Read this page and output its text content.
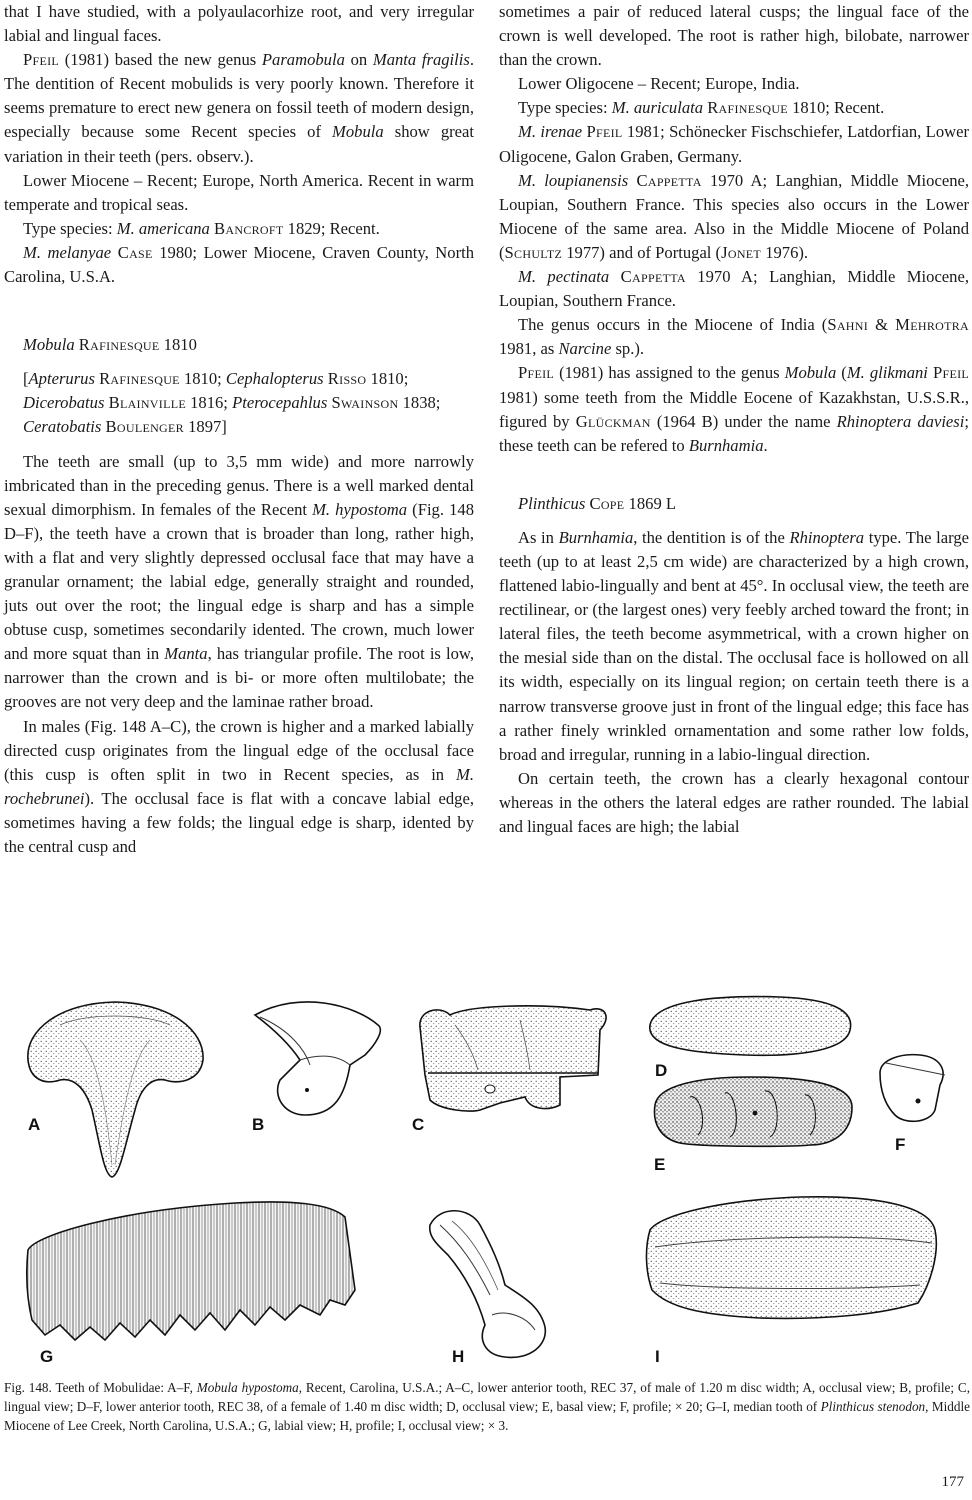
that I have studied, with a polyaulacorhize root, and very irregular labial and lingual faces.

Pfeil (1981) based the new genus Paramobula on Manta fragilis. The dentition of Recent mobulids is very poorly known. Therefore it seems premature to erect new genera on fossil teeth of modern design, especially because some Recent species of Mobula show great variation in their teeth (pers. observ.).

Lower Miocene – Recent; Europe, North America. Recent in warm temperate and tropical seas.

Type species: M. americana Bancroft 1829; Recent.

M. melanyae Case 1980; Lower Miocene, Craven County, North Carolina, U.S.A.

Mobula Rafinesque 1810

[Apterurus Rafinesque 1810; Cephalopterus Risso 1810; Dicerobatus Blainville 1816; Pterocepahlus Swainson 1838; Ceratobatis Boulenger 1897]

The teeth are small (up to 3,5 mm wide) and more narrowly imbricated than in the preceding genus. There is a well marked dental sexual dimorphism. In females of the Recent M. hypostoma (Fig. 148 D–F), the teeth have a crown that is broader than long, rather high, with a flat and very slightly depressed occlusal face that may have a granular ornament; the labial edge, generally straight and rounded, juts out over the root; the lingual edge is sharp and has a simple obtuse cusp, sometimes secondarily idented. The crown, much lower and more squat than in Manta, has triangular profile. The root is low, narrower than the crown and is bi- or more often multilobate; the grooves are not very deep and the laminae rather broad.

In males (Fig. 148 A–C), the crown is higher and a marked labially directed cusp originates from the lingual edge of the occlusal face (this cusp is often split in two in Recent species, as in M. rochebrunei). The occlusal face is flat with a concave labial edge, sometimes having a few folds; the lingual edge is sharp, idented by the central cusp and

sometimes a pair of reduced lateral cusps; the lingual face of the crown is well developed. The root is rather high, bilobate, narrower than the crown.

Lower Oligocene – Recent; Europe, India.

Type species: M. auriculata Rafinesque 1810; Recent.

M. irenae Pfeil 1981; Schönecker Fischschiefer, Latdorfian, Lower Oligocene, Galon Graben, Germany.

M. loupianensis Cappetta 1970 A; Langhian, Middle Miocene, Loupian, Southern France. This species also occurs in the Lower Miocene of the same area. Also in the Middle Miocene of Poland (Schultz 1977) and of Portugal (Jonet 1976).

M. pectinata Cappetta 1970 A; Langhian, Middle Miocene, Loupian, Southern France.

The genus occurs in the Miocene of India (Sahni & Mehrotra 1981, as Narcine sp.).

Pfeil (1981) has assigned to the genus Mobula (M. glikmani Pfeil 1981) some teeth from the Middle Eocene of Kazakhstan, U.S.S.R., figured by Glückman (1964 B) under the name Rhinoptera daviesi; these teeth can be refered to Burnhamia.

Plinthicus Cope 1869 L

As in Burnhamia, the dentition is of the Rhinoptera type. The large teeth (up to at least 2,5 cm wide) are characterized by a high crown, flattened labio-lingually and bent at 45°. In occlusal view, the teeth are rectilinear, or (the largest ones) very feebly arched toward the front; in lateral files, the teeth become asymmetrical, with a crown higher on the mesial side than on the distal. The occlusal face is hollowed on all its width, especially on its lingual region; on certain teeth there is a narrow transverse groove just in front of the lingual edge; this face has a rather finely wrinkled ornamentation and some rather low folds, broad and irregular, running in a labio-lingual direction.

On certain teeth, the crown has a clearly hexagonal contour whereas in the others the lateral edges are rather rounded. The labial and lingual faces are high; the labial

A	B	C
D
E
F
G	H	I

Fig. 148. Teeth of Mobulidae: A–F, Mobula hypostoma, Recent, Carolina, U.S.A.; A–C, lower anterior tooth, REC 37, of male of 1.20 m disc width; A, occlusal view; B, profile; C, lingual view; D–F, lower anterior tooth, REC 38, of a female of 1.40 m disc width; D, occlusal view; E, basal view; F, profile; × 20; G–I, median tooth of Plinthicus stenodon, Middle Miocene of Lee Creek, North Carolina, U.S.A.; G, labial view; H, profile; I, occlusal view; × 3.

177
